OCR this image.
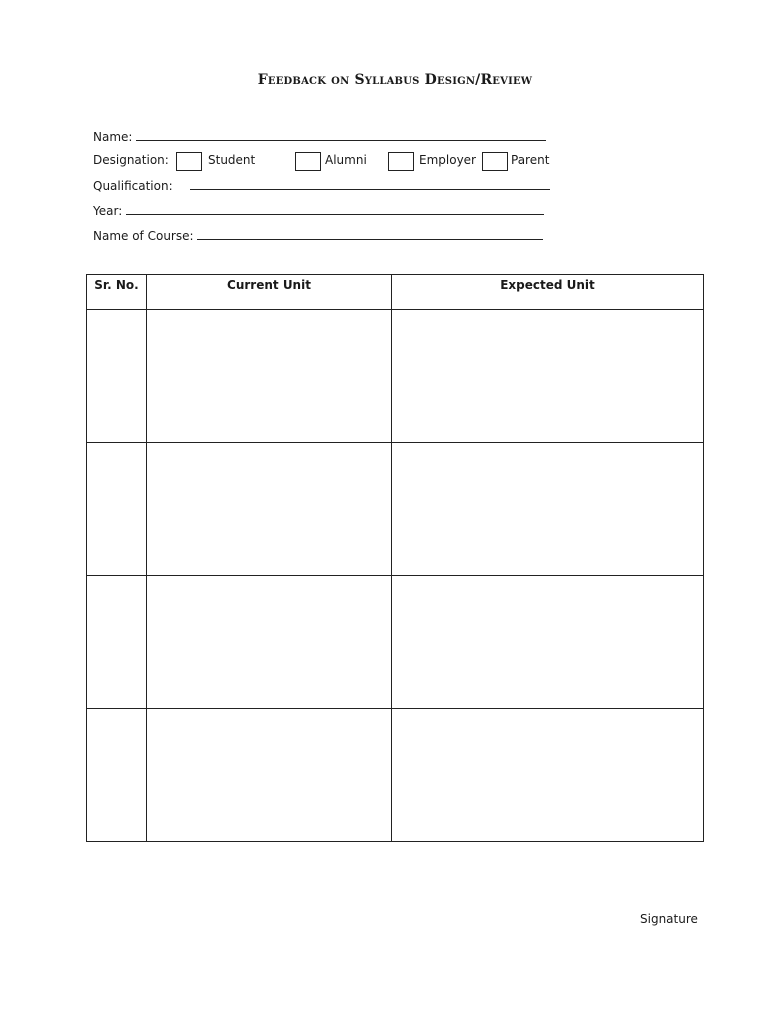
Feedback on Syllabus Design/Review
Name:
Designation:	Student	Alumni	Employer	Parent
Qualification:
Year:
Name of Course:
Sr. No.	Current Unit	Expected Unit

Signature
